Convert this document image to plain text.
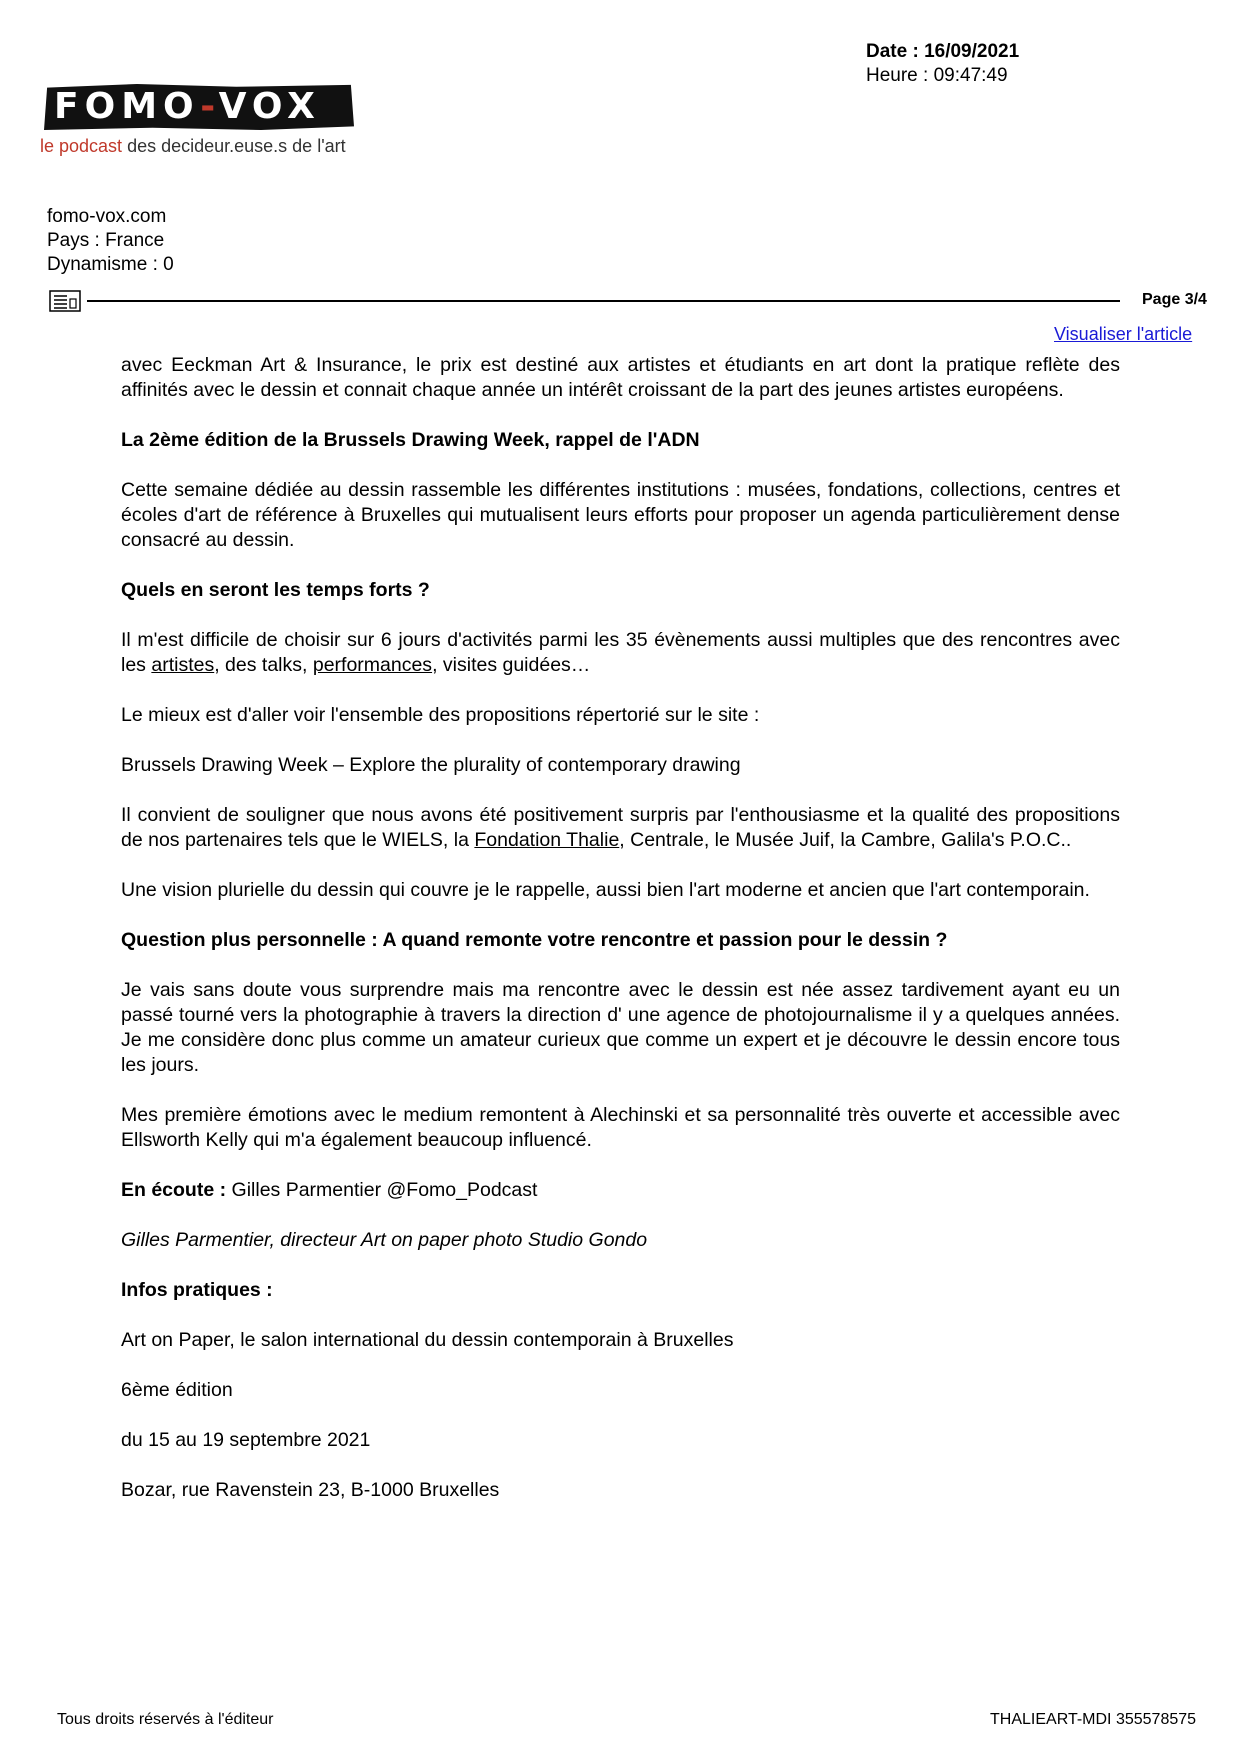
Date : 16/09/2021
Heure : 09:47:49
FOMO-VOX
le podcast des decideur.euse.s de l'art
fomo-vox.com
Pays : France
Dynamisme : 0
Page 3/4
Visualiser l'article

avec Eeckman Art & Insurance, le prix est destiné aux artistes et étudiants en art dont la pratique reflète des affinités avec le dessin et connait chaque année un intérêt croissant de la part des jeunes artistes européens.

La 2ème édition de la Brussels Drawing Week, rappel de l'ADN

Cette semaine dédiée au dessin rassemble les différentes institutions : musées, fondations, collections, centres et écoles d'art de référence à Bruxelles qui mutualisent leurs efforts pour proposer un agenda particulièrement dense consacré au dessin.

Quels en seront les temps forts ?

Il m'est difficile de choisir sur 6 jours d'activités parmi les 35 évènements aussi multiples que des rencontres avec les artistes, des talks, performances, visites guidées…

Le mieux est d'aller voir l'ensemble des propositions répertorié sur le site :

Brussels Drawing Week – Explore the plurality of contemporary drawing

Il convient de souligner que nous avons été positivement surpris par l'enthousiasme et la qualité des propositions de nos partenaires tels que le WIELS, la Fondation Thalie, Centrale, le Musée Juif, la Cambre, Galila's P.O.C..

Une vision plurielle du dessin qui couvre je le rappelle, aussi bien l'art moderne et ancien que l'art contemporain.

Question plus personnelle : A quand remonte votre rencontre et passion pour le dessin ?

Je vais sans doute vous surprendre mais ma rencontre avec le dessin est née assez tardivement ayant eu un passé tourné vers la photographie à travers la direction d' une agence de photojournalisme il y a quelques années. Je me considère donc plus comme un amateur curieux que comme un expert et je découvre le dessin encore tous les jours.

Mes première émotions avec le medium remontent à Alechinski et sa personnalité très ouverte et accessible avec Ellsworth Kelly qui m'a également beaucoup influencé.

En écoute : Gilles Parmentier @Fomo_Podcast

Gilles Parmentier, directeur Art on paper photo Studio Gondo

Infos pratiques :

Art on Paper, le salon international du dessin contemporain à Bruxelles

6ème édition

du 15 au 19 septembre 2021

Bozar, rue Ravenstein 23, B-1000 Bruxelles

Tous droits réservés à l'éditeur	THALIEART-MDI 355578575
